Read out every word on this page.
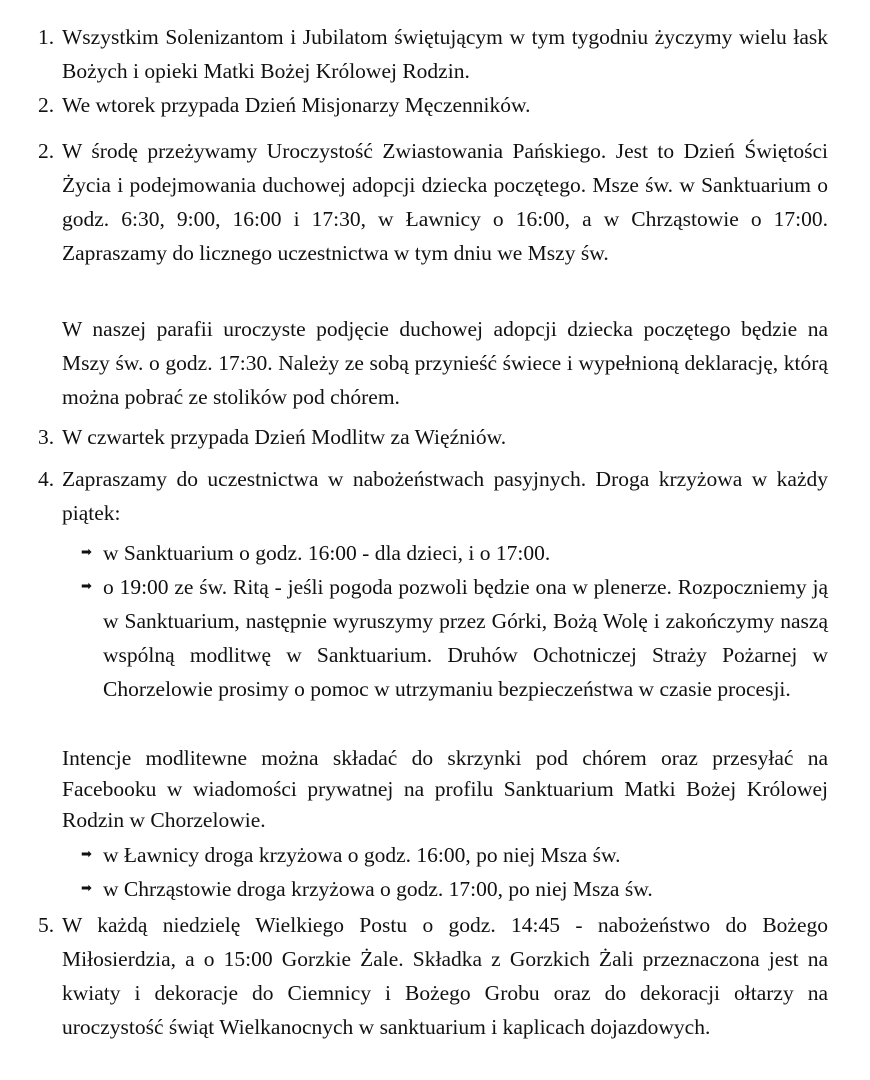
1. Wszystkim Solenizantom i Jubilatom świętującym w tym tygodniu życzymy wielu łask Bożych i opieki Matki Bożej Królowej Rodzin.
2. We wtorek przypada Dzień Misjonarzy Męczenników.
2. W środę przeżywamy Uroczystość Zwiastowania Pańskiego. Jest to Dzień Świętości Życia i podejmowania duchowej adopcji dziecka poczętego. Msze św. w Sanktuarium o godz. 6:30, 9:00, 16:00 i 17:30, w Ławnicy o 16:00, a w Chrząstowie o 17:00. Zapraszamy do licznego uczestnictwa w tym dniu we Mszy św.
W naszej parafii uroczyste podjęcie duchowej adopcji dziecka poczętego będzie na Mszy św. o godz. 17:30. Należy ze sobą przynieść świece i wypełnioną deklarację, którą można pobrać ze stolików pod chórem.
3. W czwartek przypada Dzień Modlitw za Więźniów.
4. Zapraszamy do uczestnictwa w nabożeństwach pasyjnych. Droga krzyżowa w każdy piątek:
➡ w Sanktuarium o godz. 16:00 - dla dzieci, i o 17:00.
➡ o 19:00 ze św. Ritą - jeśli pogoda pozwoli będzie ona w plenerze. Rozpoczniemy ją w Sanktuarium, następnie wyruszymy przez Górki, Bożą Wolę i zakończymy naszą wspólną modlitwę w Sanktuarium. Druhów Ochotniczej Straży Pożarnej w Chorzelowie prosimy o pomoc w utrzymaniu bezpieczeństwa w czasie procesji.
Intencje modlitewne można składać do skrzynki pod chórem oraz przesyłać na Facebooku w wiadomości prywatnej na profilu Sanktuarium Matki Bożej Królowej Rodzin w Chorzelowie.
➡ w Ławnicy droga krzyżowa o godz. 16:00, po niej Msza św.
➡ w Chrząstowie droga krzyżowa o godz. 17:00, po niej Msza św.
5. W każdą niedzielę Wielkiego Postu o godz. 14:45 - nabożeństwo do Bożego Miłosierdzia, a o 15:00 Gorzkie Żale. Składka z Gorzkich Żali przeznaczona jest na kwiaty i dekoracje do Ciemnicy i Bożego Grobu oraz do dekoracji ołtarzy na uroczystość świąt Wielkanocnych w sanktuarium i kaplicach dojazdowych.
